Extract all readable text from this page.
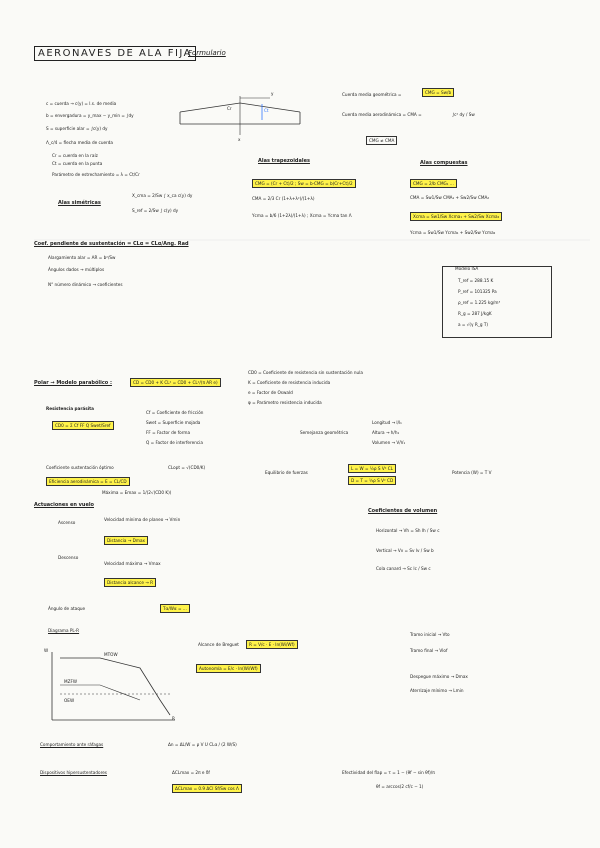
AERONAVES DE ALA FIJA
Formulario
c = cuerda → c(y) = l.s. de media
b = envergadura = y_max − y_min = ∫dy
S = superficie alar = ∫c(y) dy
Λ_c/4 = flecha media de cuerda
Cr = cuerda en la raíz
Ct = cuerda en la punta
Parámetro de estrechamiento = λ = Ct/Cr
y
x
Cr	Ct
Cuerda media geométrica =	CMG = Sw/b
Cuerda media aerodinámica = CMA =	∫c² dy / Sw
CMG ≠ CMA
Alas trapezoidales
CMG = (Cr + Ct)/2 ; Sw = b·CMG = b(Cr+Ct)/2
CMA = 2/3 Cr (1+λ+λ²)/(1+λ)
Ycma = b/6 (1+2λ)/(1+λ) ; Xcma = Ycma tan Λ
Alas simétricas
X_cma = 2/Sw ∫ x_ca c(y) dy
S_ref = 2/Sw ∫ c(y) dy
Alas compuestas
CMG = 2/b CMG₁ ...
CMA = Sw1/Sw CMA₁ + Sw2/Sw CMA₂
Xcma = Sw1/Sw Xcma₁ + Sw2/Sw Xcma₂
Ycma = Sw1/Sw Ycma₁ + Sw2/Sw Ycma₂
Coef. pendiente de sustentación = CLα = CLα/Ang. Rad
Alargamiento alar = AR = b²/Sw
Ángulos dados → múltiplos
N° número dinámico → coeficientes
Modelo ISA
T_ref = 288.15 K
P_ref = 101325 Pa
ρ_ref = 1.225 kg/m³
R_g = 287 J/kgK
a = √(γ R_g T)
Polar → Modelo parabólico :	CD = CD0 + K CL² = CD0 + CL²/(π AR e)
CD0 = Coeficiente de resistencia sin sustentación nula
K = Coeficiente de resistencia inducida
e = Factor de Oswald
φ = Parámetro resistencia inducida
Resistencia parásita
CD0 = Σ Cf FF Q Swet/Sref
Cf = Coeficiente de fricción
Swet = Superficie mojada
FF = Factor de forma
Q = Factor de interferencia
Semejanza geométrica
Longitud → l/l₁
Altura → h/h₁
Volumen → V/V₁
Coeficiente sustentación óptimo	CLopt = √(CD0/K)
Eficiencia aerodinámica = E = CL/CD
Máxima = Emax = 1/(2√(CD0 K))
Equilibrio de fuerzas
L = W = ½ρ S V² CL
D = T = ½ρ S V² CD
Potencia (W) = T V
Actuaciones en vuelo
Ascenso
Descenso
Velocidad mínima de planeo → Vmin
Distancia → Dmax
Velocidad máxima → Vmax
Distancia alcance → R
Coeficientes de volumen
Horizontal → Vh = Sh lh / Sw c
Vertical → Vv = Sv lv / Sw b
Cola canard → Sc lc / Sw c
Ángulo de ataque	Tα/Wα = ...
Diagrama PL-R
W
R
MTOW
MZFW
OEW
Alcance de Breguet	R = V/c · E · ln(Wi/Wf)
Autonomía = E/c · ln(Wi/Wf)
Tramo inicial → Vto
Tramo final → Vlof
Despegue máximo → Dmax
Aterrizaje mínimo → Lmin
Comportamiento ante ráfagas	Δn = ΔL/W = ρ V U CLα / (2 W/S)
Dispositivos hipersustentadores	ΔCLmax = 2π e δf
ΔCLmax = 0.9 ΔCl Sf/Sw cos Λ
Efectividad del flap = τ = 1 − (θf − sin θf)/π
θf = arccos(2 cf/c − 1)
